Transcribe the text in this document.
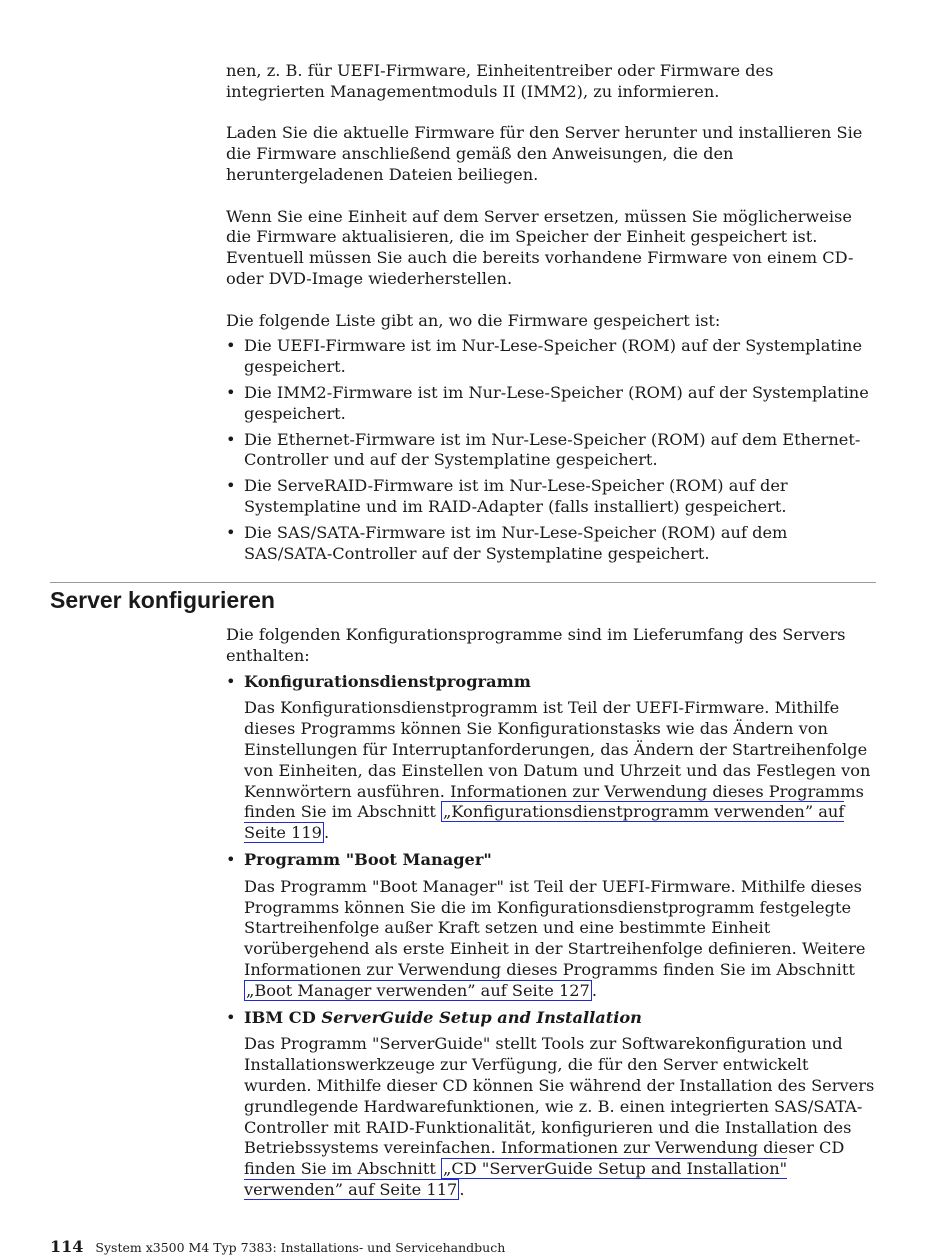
nen, z. B. für UEFI-Firmware, Einheitentreiber oder Firmware des integrierten Managementmoduls II (IMM2), zu informieren.

Laden Sie die aktuelle Firmware für den Server herunter und installieren Sie die Firmware anschließend gemäß den Anweisungen, die den heruntergeladenen Dateien beiliegen.

Wenn Sie eine Einheit auf dem Server ersetzen, müssen Sie möglicherweise die Firmware aktualisieren, die im Speicher der Einheit gespeichert ist. Eventuell müssen Sie auch die bereits vorhandene Firmware von einem CD- oder DVD-Image wiederherstellen.

Die folgende Liste gibt an, wo die Firmware gespeichert ist:

• Die UEFI-Firmware ist im Nur-Lese-Speicher (ROM) auf der Systemplatine gespeichert.
• Die IMM2-Firmware ist im Nur-Lese-Speicher (ROM) auf der Systemplatine gespeichert.
• Die Ethernet-Firmware ist im Nur-Lese-Speicher (ROM) auf dem Ethernet-Controller und auf der Systemplatine gespeichert.
• Die ServeRAID-Firmware ist im Nur-Lese-Speicher (ROM) auf der Systemplatine und im RAID-Adapter (falls installiert) gespeichert.
• Die SAS/SATA-Firmware ist im Nur-Lese-Speicher (ROM) auf dem SAS/SATA-Controller auf der Systemplatine gespeichert.
Server konfigurieren

Die folgenden Konfigurationsprogramme sind im Lieferumfang des Servers enthalten:

• Konfigurationsdienstprogramm

Das Konfigurationsdienstprogramm ist Teil der UEFI-Firmware. Mithilfe dieses Programms können Sie Konfigurationstasks wie das Ändern von Einstellungen für Interruptanforderungen, das Ändern der Startreihenfolge von Einheiten, das Einstellen von Datum und Uhrzeit und das Festlegen von Kennwörtern ausführen. Informationen zur Verwendung dieses Programms finden Sie im Abschnitt „Konfigurationsdienstprogramm verwenden” auf Seite 119 .

• Programm "Boot Manager"

Das Programm "Boot Manager" ist Teil der UEFI-Firmware. Mithilfe dieses Programms können Sie die im Konfigurationsdienstprogramm festgelegte Startreihenfolge außer Kraft setzen und eine bestimmte Einheit vorübergehend als erste Einheit in der Startreihenfolge definieren. Weitere Informationen zur Verwendung dieses Programms finden Sie im Abschnitt „Boot Manager verwenden” auf Seite 127 .

• IBM CD ServerGuide Setup and Installation

Das Programm "ServerGuide" stellt Tools zur Softwarekonfiguration und Installationswerkzeuge zur Verfügung, die für den Server entwickelt wurden. Mithilfe dieser CD können Sie während der Installation des Servers grundlegende Hardwarefunktionen, wie z. B. einen integrierten SAS/SATA-Controller mit RAID-Funktionalität, konfigurieren und die Installation des Betriebssystems vereinfachen. Informationen zur Verwendung dieser CD finden Sie im Abschnitt „CD "ServerGuide Setup and Installation" verwenden” auf Seite 117 .

114 System x3500 M4 Typ 7383: Installations- und Servicehandbuch
